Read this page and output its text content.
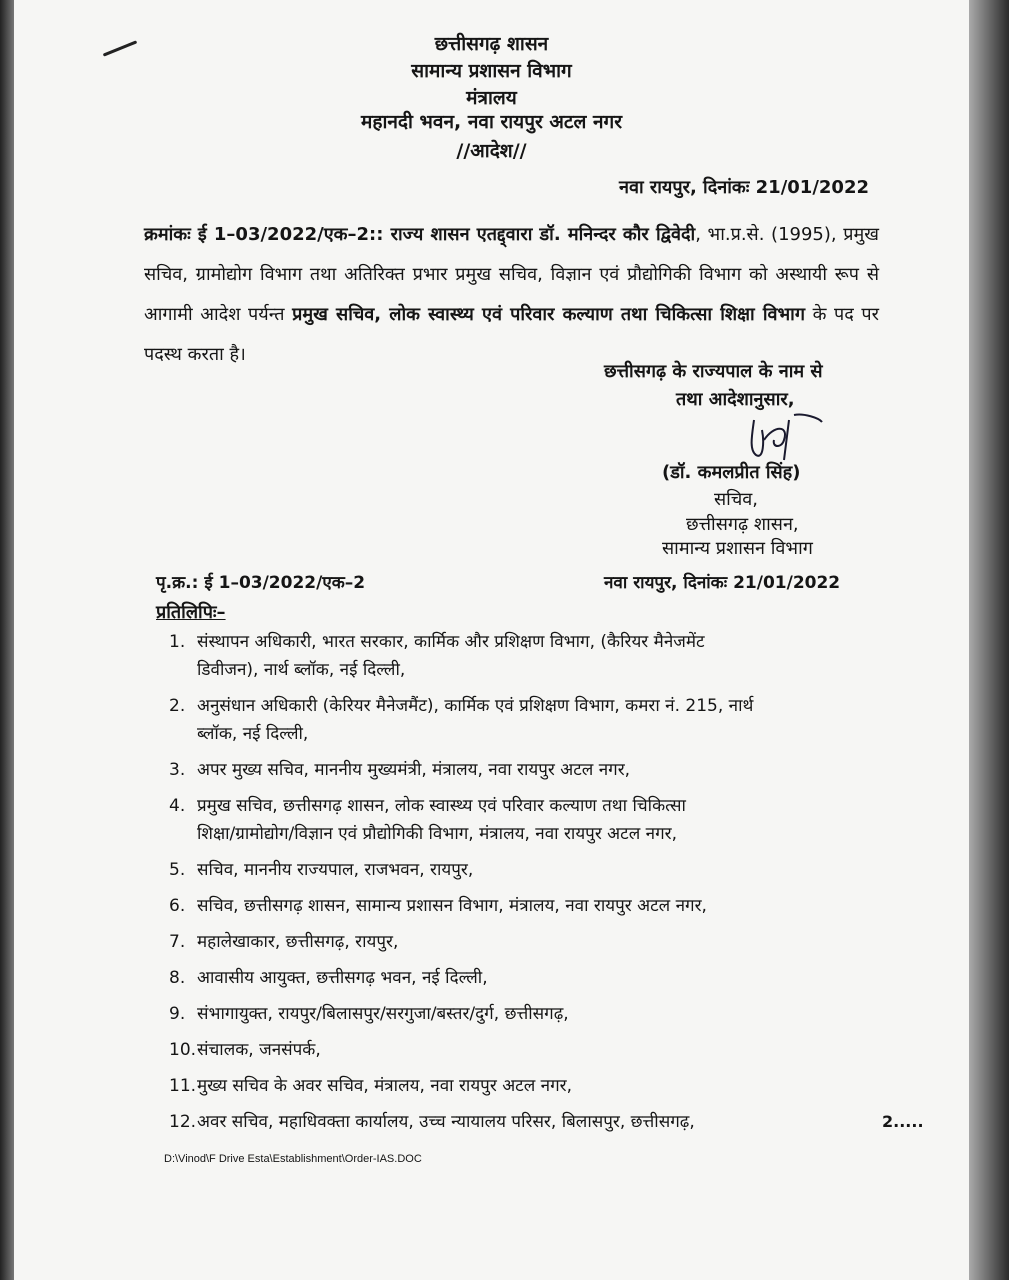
छत्तीसगढ़ शासन
सामान्य प्रशासन विभाग
मंत्रालय
महानदी भवन, नवा रायपुर अटल नगर
//आदेश//
नवा रायपुर, दिनांकः 21/01/2022
क्रमांकः ई 1–03/2022/एक–2:: राज्य शासन एतद्द्वारा डॉ. मनिन्दर कौर द्विवेदी, भा.प्र.से. (1995), प्रमुख सचिव, ग्रामोद्योग विभाग तथा अतिरिक्त प्रभार प्रमुख सचिव, विज्ञान एवं प्रौद्योगिकी विभाग को अस्थायी रूप से आगामी आदेश पर्यन्त प्रमुख सचिव, लोक स्वास्थ्य एवं परिवार कल्याण तथा चिकित्सा शिक्षा विभाग के पद पर पदस्थ करता है।
छत्तीसगढ़ के राज्यपाल के नाम से
तथा आदेशानुसार,
(डॉ. कमलप्रीत सिंह)
सचिव,
छत्तीसगढ़ शासन,
सामान्य प्रशासन विभाग
पृ.क्र.: ई 1–03/2022/एक–2	नवा रायपुर, दिनांकः 21/01/2022
प्रतिलिपिः–
1. संस्थापन अधिकारी, भारत सरकार, कार्मिक और प्रशिक्षण विभाग, (कैरियर मैनेजमेंट
डिवीजन), नार्थ ब्लॉक, नई दिल्ली,
2. अनुसंधान अधिकारी (केरियर मैनेजमैंट), कार्मिक एवं प्रशिक्षण विभाग, कमरा नं. 215, नार्थ
ब्लॉक, नई दिल्ली,
3. अपर मुख्य सचिव, माननीय मुख्यमंत्री, मंत्रालय, नवा रायपुर अटल नगर,
4. प्रमुख सचिव, छत्तीसगढ़ शासन, लोक स्वास्थ्य एवं परिवार कल्याण तथा चिकित्सा
शिक्षा/ग्रामोद्योग/विज्ञान एवं प्रौद्योगिकी विभाग, मंत्रालय, नवा रायपुर अटल नगर,
5. सचिव, माननीय राज्यपाल, राजभवन, रायपुर,
6. सचिव, छत्तीसगढ़ शासन, सामान्य प्रशासन विभाग, मंत्रालय, नवा रायपुर अटल नगर,
7. महालेखाकार, छत्तीसगढ़, रायपुर,
8. आवासीय आयुक्त, छत्तीसगढ़ भवन, नई दिल्ली,
9. संभागायुक्त, रायपुर/बिलासपुर/सरगुजा/बस्तर/दुर्ग, छत्तीसगढ़,
10.संचालक, जनसंपर्क,
11.मुख्य सचिव के अवर सचिव, मंत्रालय, नवा रायपुर अटल नगर,
12.अवर सचिव, महाधिवक्ता कार्यालय, उच्च न्यायालय परिसर, बिलासपुर, छत्तीसगढ़,	2.....
D:\Vinod\F Drive Esta\Establishment\Order-IAS.DOC
